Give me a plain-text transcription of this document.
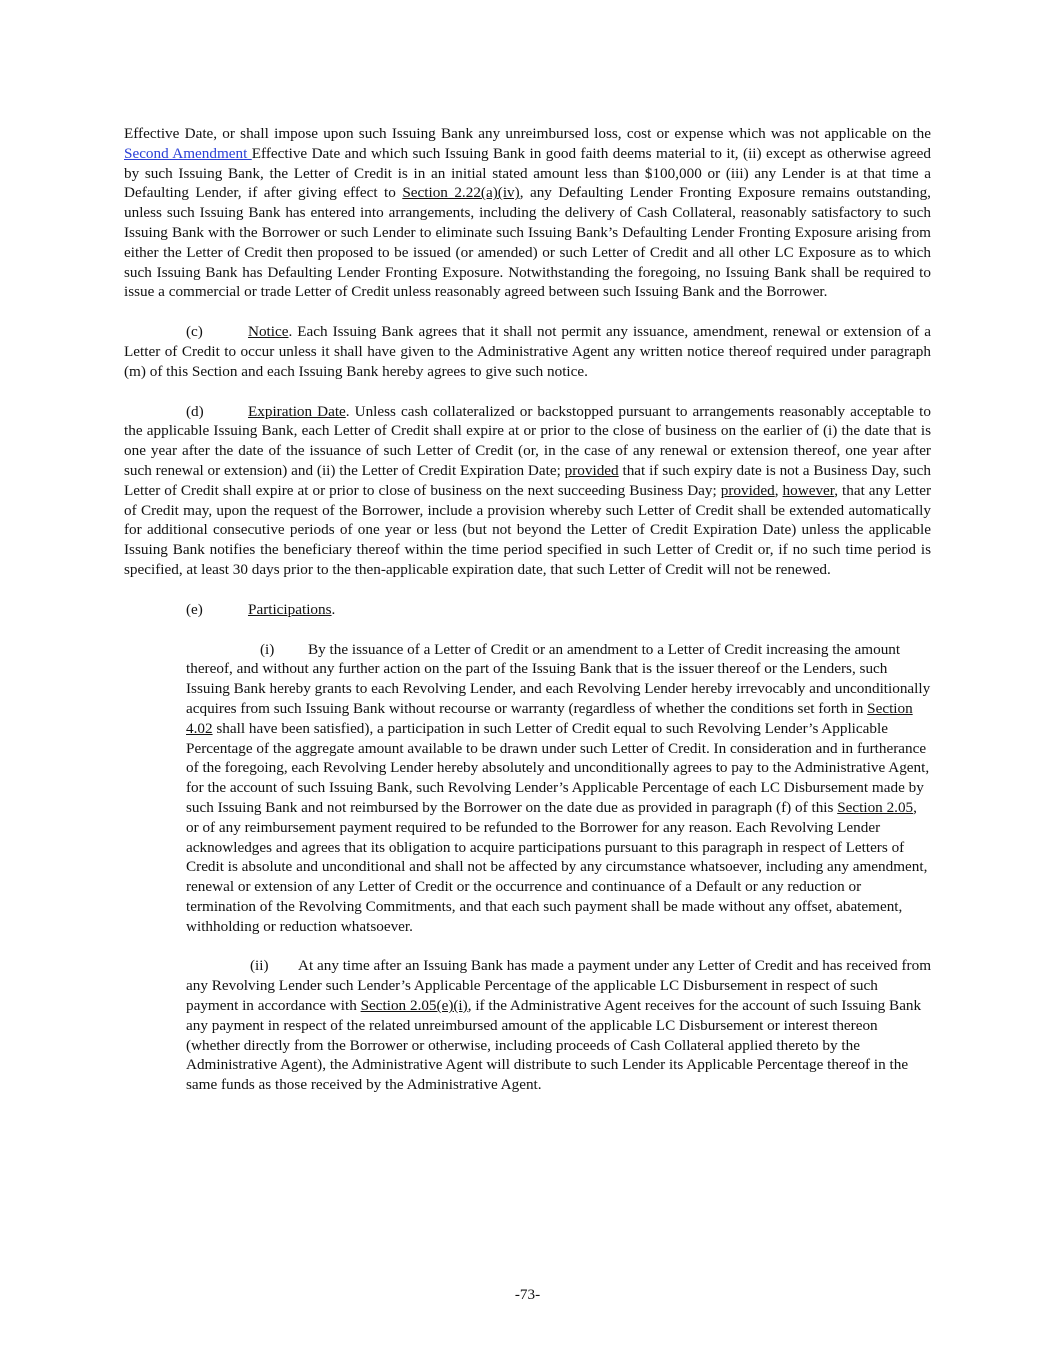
Effective Date, or shall impose upon such Issuing Bank any unreimbursed loss, cost or expense which was not applicable on the Second Amendment Effective Date and which such Issuing Bank in good faith deems material to it, (ii) except as otherwise agreed by such Issuing Bank, the Letter of Credit is in an initial stated amount less than $100,000 or (iii) any Lender is at that time a Defaulting Lender, if after giving effect to Section 2.22(a)(iv), any Defaulting Lender Fronting Exposure remains outstanding, unless such Issuing Bank has entered into arrangements, including the delivery of Cash Collateral, reasonably satisfactory to such Issuing Bank with the Borrower or such Lender to eliminate such Issuing Bank’s Defaulting Lender Fronting Exposure arising from either the Letter of Credit then proposed to be issued (or amended) or such Letter of Credit and all other LC Exposure as to which such Issuing Bank has Defaulting Lender Fronting Exposure. Notwithstanding the foregoing, no Issuing Bank shall be required to issue a commercial or trade Letter of Credit unless reasonably agreed between such Issuing Bank and the Borrower.

(c)	Notice. Each Issuing Bank agrees that it shall not permit any issuance, amendment, renewal or extension of a Letter of Credit to occur unless it shall have given to the Administrative Agent any written notice thereof required under paragraph (m) of this Section and each Issuing Bank hereby agrees to give such notice.

(d)	Expiration Date. Unless cash collateralized or backstopped pursuant to arrangements reasonably acceptable to the applicable Issuing Bank, each Letter of Credit shall expire at or prior to the close of business on the earlier of (i) the date that is one year after the date of the issuance of such Letter of Credit (or, in the case of any renewal or extension thereof, one year after such renewal or extension) and (ii) the Letter of Credit Expiration Date; provided that if such expiry date is not a Business Day, such Letter of Credit shall expire at or prior to close of business on the next succeeding Business Day; provided, however, that any Letter of Credit may, upon the request of the Borrower, include a provision whereby such Letter of Credit shall be extended automatically for additional consecutive periods of one year or less (but not beyond the Letter of Credit Expiration Date) unless the applicable Issuing Bank notifies the beneficiary thereof within the time period specified in such Letter of Credit or, if no such time period is specified, at least 30 days prior to the then-applicable expiration date, that such Letter of Credit will not be renewed.

(e)	Participations.

(i) By the issuance of a Letter of Credit or an amendment to a Letter of Credit increasing the amount thereof, and without any further action on the part of the Issuing Bank that is the issuer thereof or the Lenders, such Issuing Bank hereby grants to each Revolving Lender, and each Revolving Lender hereby irrevocably and unconditionally acquires from such Issuing Bank without recourse or warranty (regardless of whether the conditions set forth in Section 4.02 shall have been satisfied), a participation in such Letter of Credit equal to such Revolving Lender’s Applicable Percentage of the aggregate amount available to be drawn under such Letter of Credit. In consideration and in furtherance of the foregoing, each Revolving Lender hereby absolutely and unconditionally agrees to pay to the Administrative Agent, for the account of such Issuing Bank, such Revolving Lender’s Applicable Percentage of each LC Disbursement made by such Issuing Bank and not reimbursed by the Borrower on the date due as provided in paragraph (f) of this Section 2.05, or of any reimbursement payment required to be refunded to the Borrower for any reason. Each Revolving Lender acknowledges and agrees that its obligation to acquire participations pursuant to this paragraph in respect of Letters of Credit is absolute and unconditional and shall not be affected by any circumstance whatsoever, including any amendment, renewal or extension of any Letter of Credit or the occurrence and continuance of a Default or any reduction or termination of the Revolving Commitments, and that each such payment shall be made without any offset, abatement, withholding or reduction whatsoever.

(ii) At any time after an Issuing Bank has made a payment under any Letter of Credit and has received from any Revolving Lender such Lender’s Applicable Percentage of the applicable LC Disbursement in respect of such payment in accordance with Section 2.05(e)(i), if the Administrative Agent receives for the account of such Issuing Bank any payment in respect of the related unreimbursed amount of the applicable LC Disbursement or interest thereon (whether directly from the Borrower or otherwise, including proceeds of Cash Collateral applied thereto by the Administrative Agent), the Administrative Agent will distribute to such Lender its Applicable Percentage thereof in the same funds as those received by the Administrative Agent.

-73-
